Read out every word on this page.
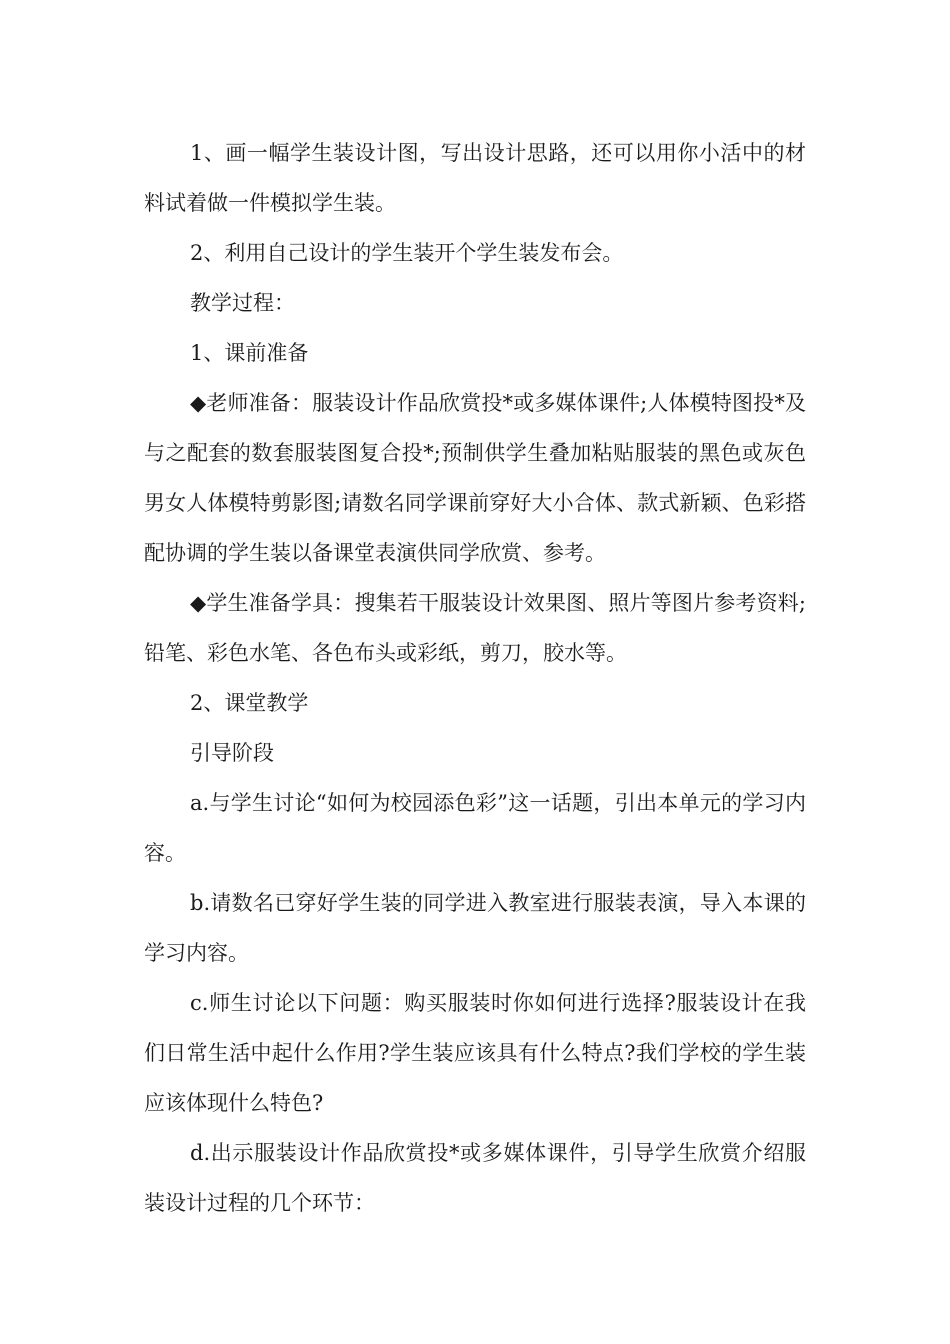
1、画一幅学生装设计图，写出设计思路，还可以用你小活中的材料试着做一件模拟学生装。

2、利用自己设计的学生装开个学生装发布会。

教学过程：

1、课前准备

◆老师准备：服装设计作品欣赏投*或多媒体课件;人体模特图投*及与之配套的数套服装图复合投*;预制供学生叠加粘贴服装的黑色或灰色男女人体模特剪影图;请数名同学课前穿好大小合体、款式新颖、色彩搭配协调的学生装以备课堂表演供同学欣赏、参考。

◆学生准备学具：搜集若干服装设计效果图、照片等图片参考资料;铅笔、彩色水笔、各色布头或彩纸，剪刀，胶水等。

2、课堂教学

引导阶段

a.与学生讨论“如何为校园添色彩”这一话题，引出本单元的学习内容。

b.请数名已穿好学生装的同学进入教室进行服装表演，导入本课的学习内容。

c.师生讨论以下问题：购买服装时你如何进行选择?服装设计在我们日常生活中起什么作用?学生装应该具有什么特点?我们学校的学生装应该体现什么特色?

d.出示服装设计作品欣赏投*或多媒体课件，引导学生欣赏介绍服装设计过程的几个环节：
